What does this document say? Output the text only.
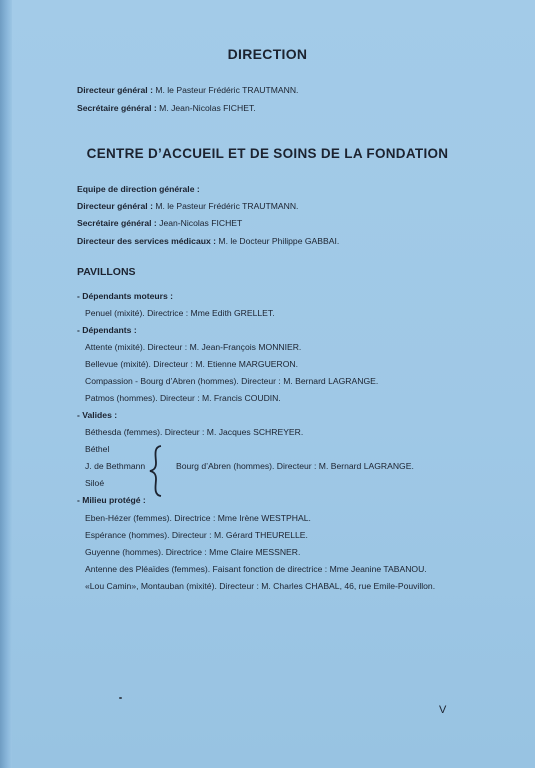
DIRECTION
Directeur général : M. le Pasteur Frédéric TRAUTMANN.
Secrétaire général : M. Jean-Nicolas FICHET.
CENTRE D’ACCUEIL ET DE SOINS DE LA FONDATION
Equipe de direction générale :
Directeur général : M. le Pasteur Frédéric TRAUTMANN.
Secrétaire général : Jean-Nicolas FICHET
Directeur des services médicaux : M. le Docteur Philippe GABBAI.
PAVILLONS
- Dépendants moteurs :
Penuel (mixité). Directrice : Mme Edith GRELLET.
- Dépendants :
Attente (mixité). Directeur : M. Jean-François MONNIER.
Bellevue (mixité). Directeur : M. Etienne MARGUERON.
Compassion - Bourg d’Abren (hommes). Directeur : M. Bernard LAGRANGE.
Patmos (hommes). Directeur : M. Francis COUDIN.
- Valides :
Béthesda (femmes). Directeur : M. Jacques SCHREYER.
Béthel
J. de Bethmann
Siloé
Bourg d’Abren (hommes). Directeur : M. Bernard LAGRANGE.
- Milieu protégé :
Eben-Hézer (femmes). Directrice : Mme Irène WESTPHAL.
Espérance (hommes). Directeur : M. Gérard THEURELLE.
Guyenne (hommes). Directrice : Mme Claire MESSNER.
Antenne des Pléaïdes (femmes). Faisant fonction de directrice : Mme Jeanine TABANOU.
«Lou Camin», Montauban (mixité). Directeur : M. Charles CHABAL, 46, rue Emile-Pouvillon.
V
